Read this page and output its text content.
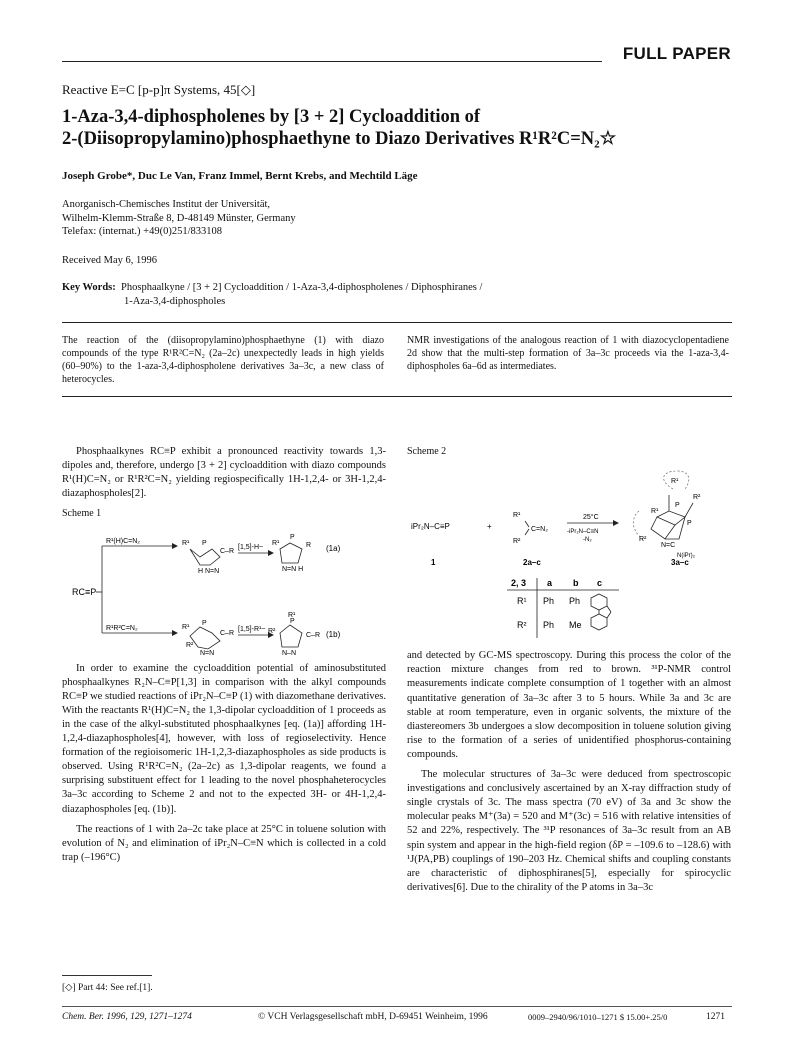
FULL PAPER
Reactive E=C [p-p]π Systems, 45[◇]
1-Aza-3,4-diphospholenes by [3 + 2] Cycloaddition of
2-(Diisopropylamino)phosphaethyne to Diazo Derivatives R¹R²C=N₂☆
Joseph Grobe*, Duc Le Van, Franz Immel, Bernt Krebs, and Mechtild Läge
Anorganisch-Chemisches Institut der Universität,
Wilhelm-Klemm-Straße 8, D-48149 Münster, Germany
Telefax: (internat.) +49(0)251/833108
Received May 6, 1996
Key Words: Phosphaalkyne / [3 + 2] Cycloaddition / 1-Aza-3,4-diphospholenes / Diphosphiranes /
1-Aza-3,4-diphospholes
The reaction of the (diisopropylamino)phosphaethyne (1) with diazo compounds of the type R¹R²C=N₂ (2a–2c) unexpectedly leads in high yields (60–90%) to the 1-aza-3,4-diphospholene derivatives 3a–3c, a new class of heterocycles.
NMR investigations of the analogous reaction of 1 with diazocyclopentadiene 2d show that the multi-step formation of 3a–3c proceeds via the 1-aza-3,4-diphospholes 6a–6d as intermediates.

Phosphaalkynes RC≡P exhibit a pronounced reactivity towards 1,3-dipoles and, therefore, undergo [3 + 2] cycloaddition with diazo compounds R¹(H)C=N₂ or R¹R²C=N₂ yielding regiospecifically 1H-1,2,4- or 3H-1,2,4-diazaphospholes[2].

Scheme 1
RC≡P
R¹(H)C=N₂
R¹R²C=N₂
R¹ P
C–R
H N=N
[1,5]-H~
R¹
P
R
N=N H
(1a)
R¹
R¹
P
C–R
R²
N=N
[1,5]-R¹~ R²
P
C–R
N–N
(1b)

In order to examine the cycloaddition potential of aminosubstituted phosphaalkynes R₂N–C≡P[1,3] in comparison with the alkyl compounds RC≡P we studied reactions of iPr₂N–C≡P (1) with diazomethane derivatives. With the reactants R¹(H)C=N₂ the 1,3-dipolar cycloaddition of 1 proceeds as in the case of the alkyl-substituted phosphaalkynes [eq. (1a)] affording 1H-1,2,4-diazaphospholes[4], however, with loss of regioselectivity. Hence formation of the regioisomeric 1H-1,2,3-diazaphospholes as side products is observed. Using R¹R²C=N₂ (2a–2c) as 1,3-dipolar reagents, we found a surprising substituent effect for 1 leading to the novel phosphaheterocycles 3a–3c according to Scheme 2 and not to the expected 3H- or 4H-1,2,4-diazaphospholes [eq. (1b)].

The reactions of 1 with 2a–2c take place at 25°C in toluene solution with evolution of N₂ and elimination of iPr₂N–C≡N which is collected in a cold trap (–196°C)

Scheme 2
iPr₂N–C≡P	+
R¹
C=N₂
R²
25°C
-iPr₂N–C≡N
-N₂
R¹
R²
R¹
P
P
R²
N=C
N(iPr)₂
1	2a–c	3a–c

2, 3 a b c
R¹ Ph Ph
R² Ph Me

and detected by GC-MS spectroscopy. During this process the color of the reaction mixture changes from red to brown. ³¹P-NMR control measurements indicate complete consumption of 1 together with an almost quantitative generation of 3a–3c after 3 to 5 hours. While 3a and 3c are stable at room temperature, even in organic solvents, the mixture of the diastereomers 3b undergoes a slow decomposition in toluene solution giving rise to the formation of a series of unidentified phosphorus-containing compounds.

The molecular structures of 3a–3c were deduced from spectroscopic investigations and conclusively ascertained by an X-ray diffraction study of single crystals of 3c. The mass spectra (70 eV) of 3a and 3c show the molecular peaks M⁺(3a) = 520 and M⁺(3c) = 516 with relative intensities of 52 and 22%, respectively. The ³¹P resonances of 3a–3c result from an AB spin system and appear in the high-field region (δP = –109.6 to –128.6) with ¹J(PA,PB) couplings of 190–203 Hz. Chemical shifts and coupling constants are characteristic of diphosphiranes[5], especially for spirocyclic derivatives[6]. Due to the chirality of the P atoms in 3a–3c

[◇] Part 44: See ref.[1].
Chem. Ber. 1996, 129, 1271–1274	© VCH Verlagsgesellschaft mbH, D-69451 Weinheim, 1996	0009–2940/96/1010–1271 $ 15.00+.25/0	1271
